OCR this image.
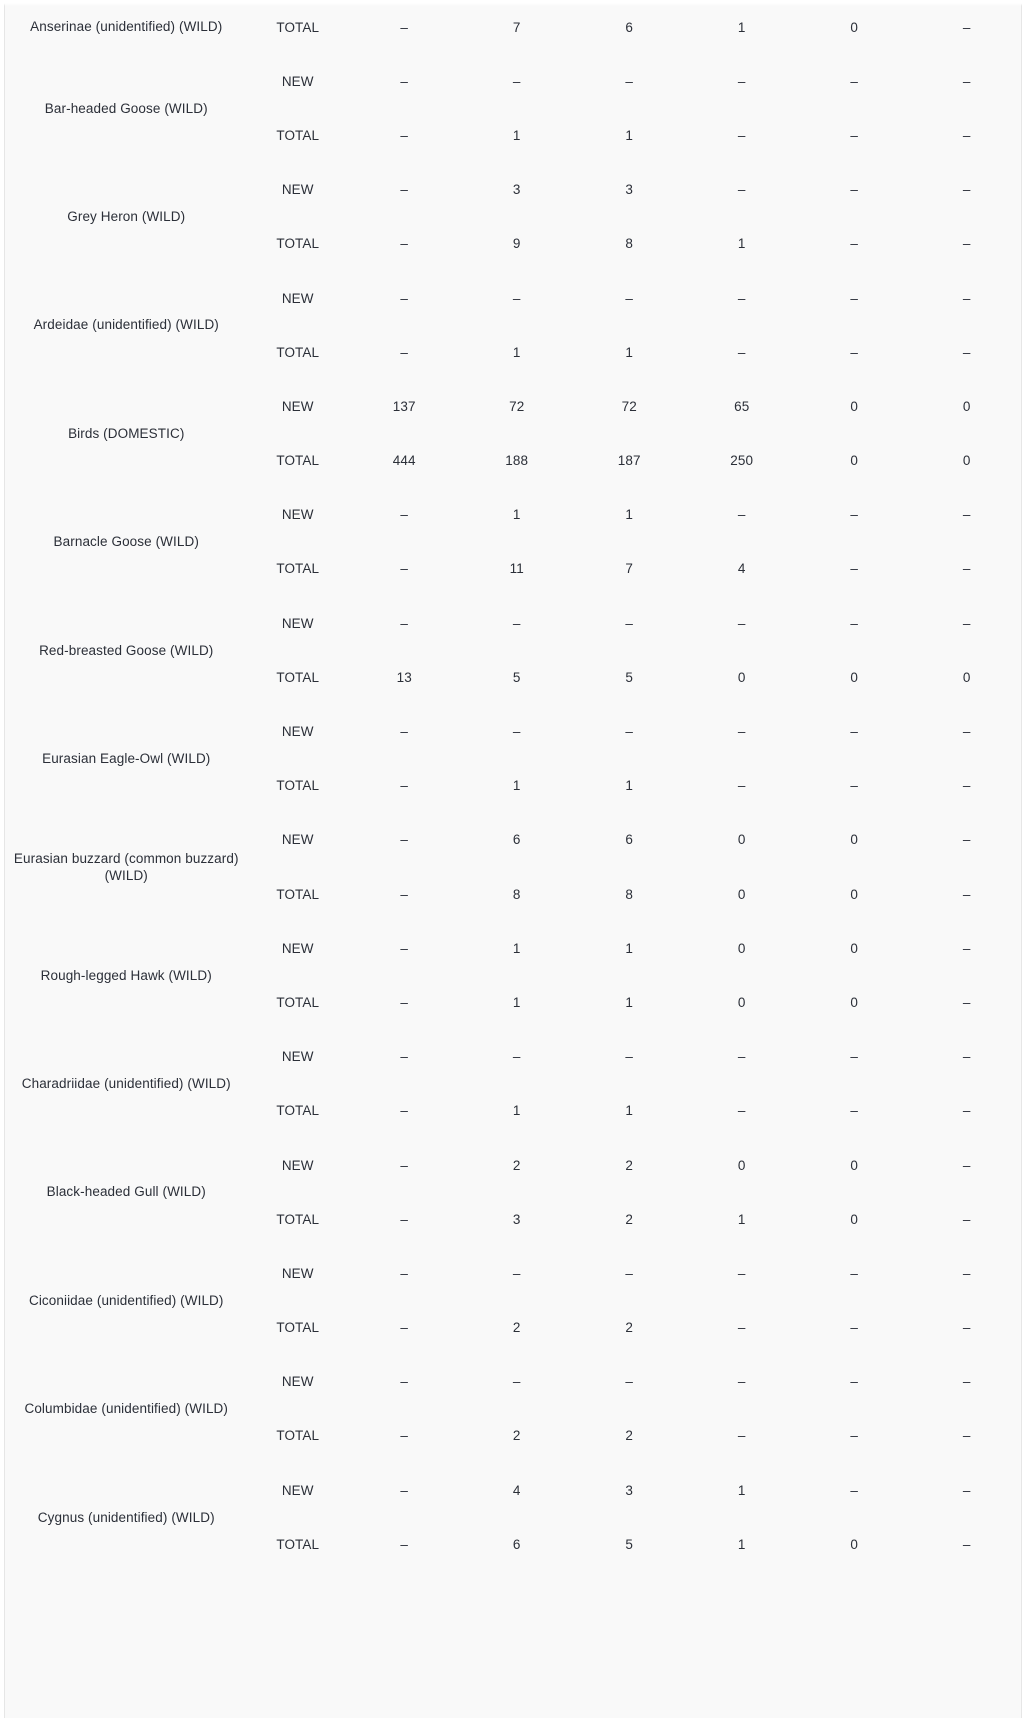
Anserinae (unidentified) (WILD)	TOTAL	–	7	6	1	0	–
Bar-headed Goose (WILD)	NEW	–	–	–	–	–	–
	TOTAL	–	1	1	–	–	–
Grey Heron (WILD)	NEW	–	3	3	–	–	–
	TOTAL	–	9	8	1	–	–
Ardeidae (unidentified) (WILD)	NEW	–	–	–	–	–	–
	TOTAL	–	1	1	–	–	–
Birds (DOMESTIC)	NEW	137	72	72	65	0	0
	TOTAL	444	188	187	250	0	0
Barnacle Goose (WILD)	NEW	–	1	1	–	–	–
	TOTAL	–	11	7	4	–	–
Red-breasted Goose (WILD)	NEW	–	–	–	–	–	–
	TOTAL	13	5	5	0	0	0
Eurasian Eagle-Owl (WILD)	NEW	–	–	–	–	–	–
	TOTAL	–	1	1	–	–	–
Eurasian buzzard (common buzzard) (WILD)	NEW	–	6	6	0	0	–
	TOTAL	–	8	8	0	0	–
Rough-legged Hawk (WILD)	NEW	–	1	1	0	0	–
	TOTAL	–	1	1	0	0	–
Charadriidae (unidentified) (WILD)	NEW	–	–	–	–	–	–
	TOTAL	–	1	1	–	–	–
Black-headed Gull (WILD)	NEW	–	2	2	0	0	–
	TOTAL	–	3	2	1	0	–
Ciconiidae (unidentified) (WILD)	NEW	–	–	–	–	–	–
	TOTAL	–	2	2	–	–	–
Columbidae (unidentified) (WILD)	NEW	–	–	–	–	–	–
	TOTAL	–	2	2	–	–	–
Cygnus (unidentified) (WILD)	NEW	–	4	3	1	–	–
	TOTAL	–	6	5	1	0	–
